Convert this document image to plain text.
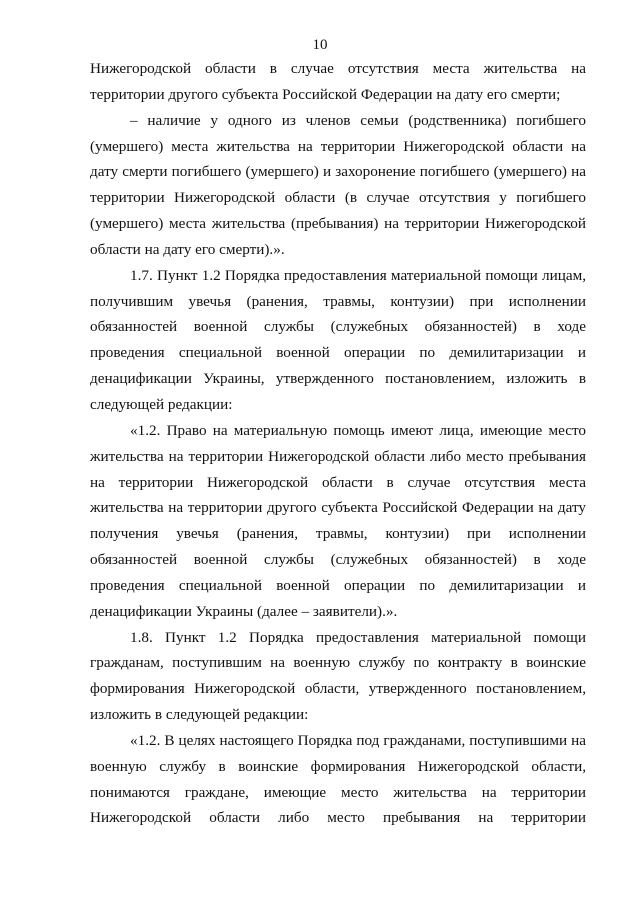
10

Нижегородской области в случае отсутствия места жительства на территории другого субъекта Российской Федерации на дату его смерти;

– наличие у одного из членов семьи (родственника) погибшего (умершего) места жительства на территории Нижегородской области на дату смерти погибшего (умершего) и захоронение погибшего (умершего) на территории Нижегородской области (в случае отсутствия у погибшего (умершего) места жительства (пребывания) на территории Нижегородской области на дату его смерти).».

1.7. Пункт 1.2 Порядка предоставления материальной помощи лицам, получившим увечья (ранения, травмы, контузии) при исполнении обязанностей военной службы (служебных обязанностей) в ходе проведения специальной военной операции по демилитаризации и денацификации Украины, утвержденного постановлением, изложить в следующей редакции:

«1.2. Право на материальную помощь имеют лица, имеющие место жительства на территории Нижегородской области либо место пребывания на территории Нижегородской области в случае отсутствия места жительства на территории другого субъекта Российской Федерации на дату получения увечья (ранения, травмы, контузии) при исполнении обязанностей военной службы (служебных обязанностей) в ходе проведения специальной военной операции по демилитаризации и денацификации Украины (далее – заявители).».

1.8. Пункт 1.2 Порядка предоставления материальной помощи гражданам, поступившим на военную службу по контракту в воинские формирования Нижегородской области, утвержденного постановлением, изложить в следующей редакции:

«1.2. В целях настоящего Порядка под гражданами, поступившими на военную службу в воинские формирования Нижегородской области, понимаются граждане, имеющие место жительства на территории Нижегородской области либо место пребывания на территории
